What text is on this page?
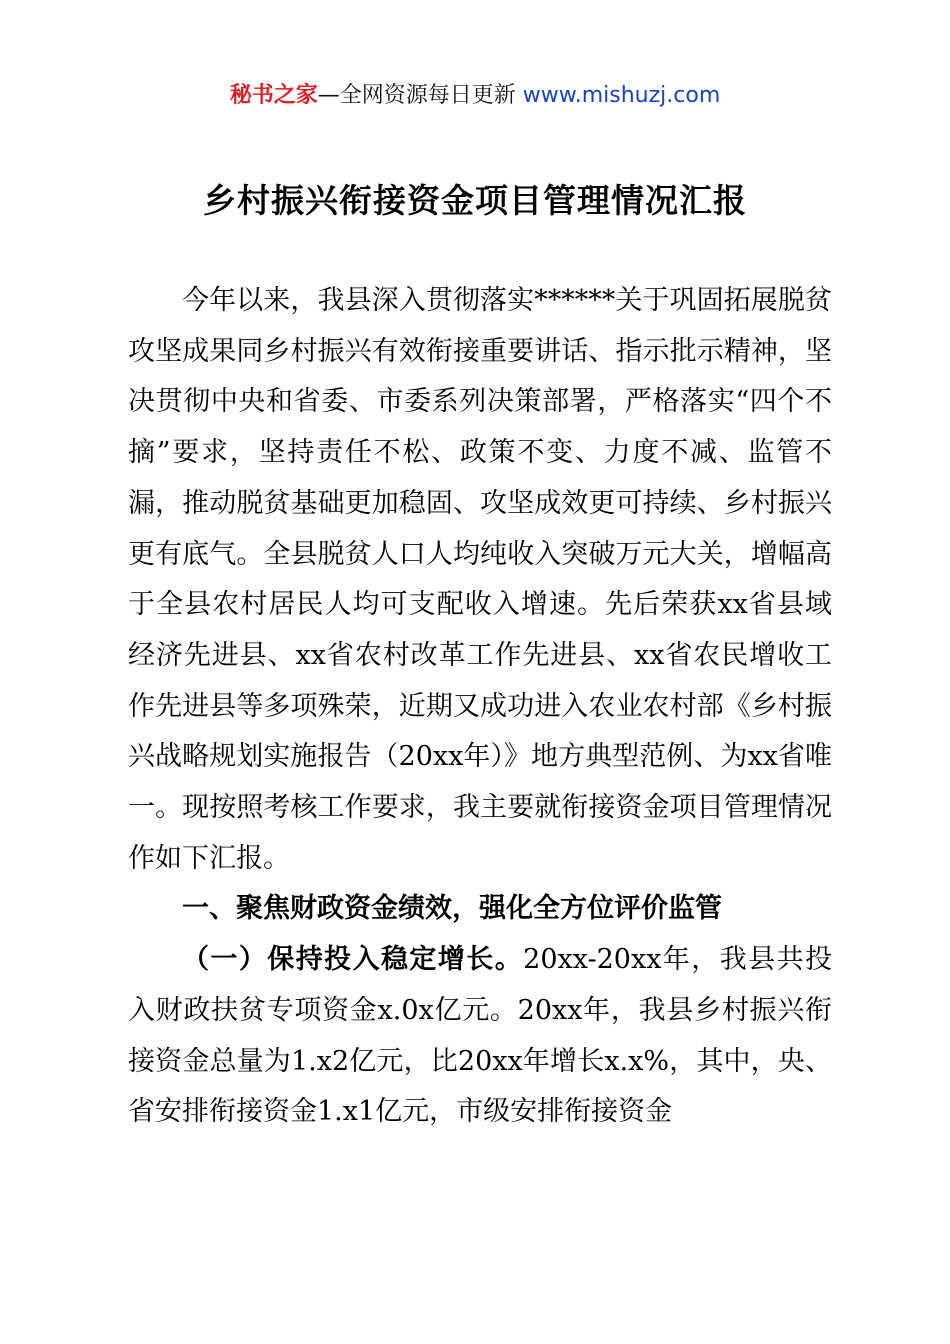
秘书之家—全网资源每日更新 www.mishuzj.com
乡村振兴衔接资金项目管理情况汇报

今年以来，我县深入贯彻落实******关于巩固拓展脱贫攻坚成果同乡村振兴有效衔接重要讲话、指示批示精神，坚决贯彻中央和省委、市委系列决策部署，严格落实“四个不摘”要求，坚持责任不松、政策不变、力度不减、监管不漏，推动脱贫基础更加稳固、攻坚成效更可持续、乡村振兴更有底气。全县脱贫人口人均纯收入突破万元大关，增幅高于全县农村居民人均可支配收入增速。先后荣获xx省县域经济先进县、xx省农村改革工作先进县、xx省农民增收工作先进县等多项殊荣，近期又成功进入农业农村部《乡村振兴战略规划实施报告（20xx年）》地方典型范例、为xx省唯一。现按照考核工作要求，我主要就衔接资金项目管理情况作如下汇报。

一、聚焦财政资金绩效，强化全方位评价监管

（一）保持投入稳定增长。20xx-20xx年，我县共投入财政扶贫专项资金x.0x亿元。20xx年，我县乡村振兴衔接资金总量为1.x2亿元，比20xx年增长x.x%，其中，央、省安排衔接资金1.x1亿元，市级安排衔接资金
